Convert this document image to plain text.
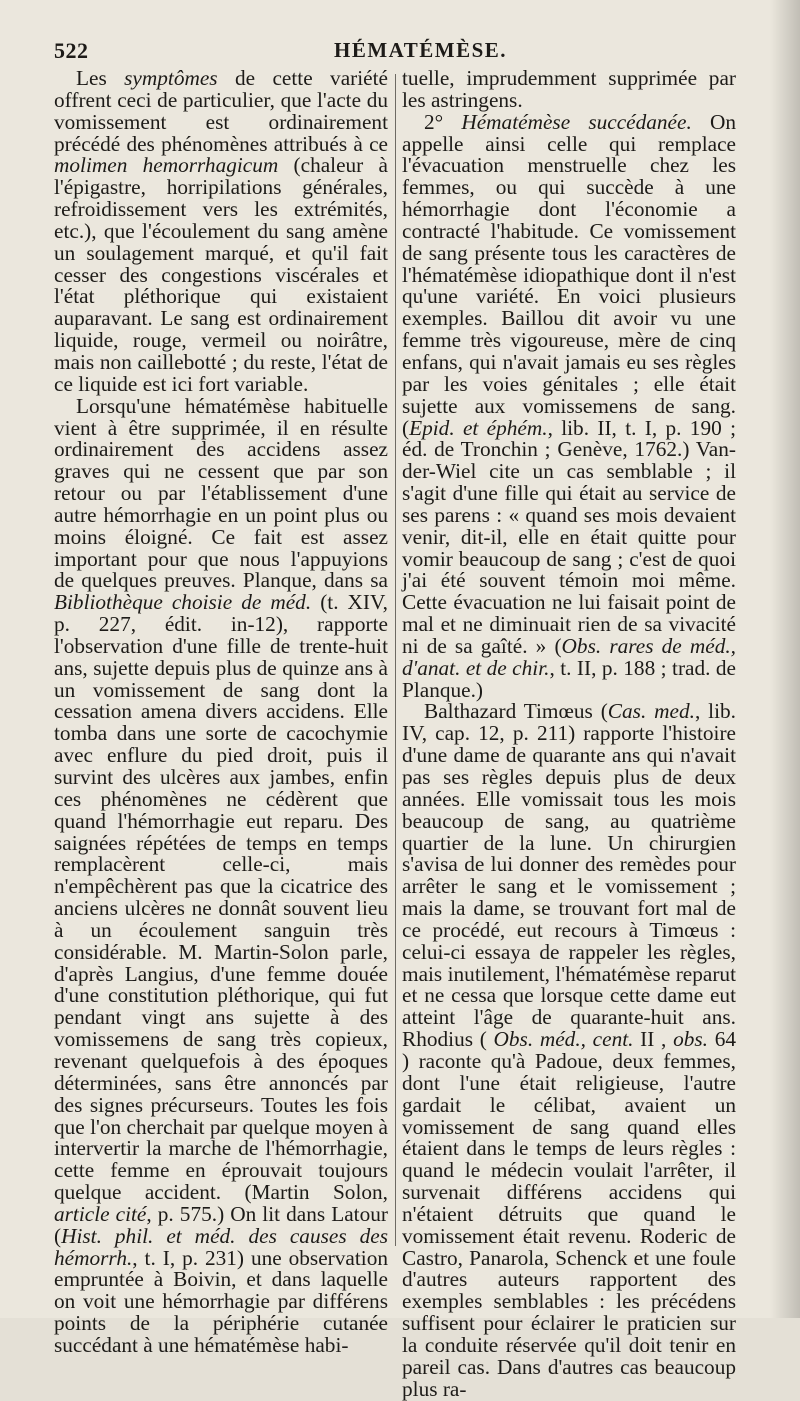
522	HÉMATÉMÈSE.

Les symptômes de cette variété offrent ceci de particulier, que l'acte du vomissement est ordinairement précédé des phénomènes attribués à ce molimen hemorrhagicum (chaleur à l'épigastre, horripilations générales, refroidissement vers les extrémités, etc.), que l'écoulement du sang amène un soulagement marqué, et qu'il fait cesser des congestions viscérales et l'état pléthorique qui existaient auparavant. Le sang est ordinairement liquide, rouge, vermeil ou noirâtre, mais non caillebotté ; du reste, l'état de ce liquide est ici fort variable.

Lorsqu'une hématémèse habituelle vient à être supprimée, il en résulte ordinairement des accidens assez graves qui ne cessent que par son retour ou par l'établissement d'une autre hémorrhagie en un point plus ou moins éloigné. Ce fait est assez important pour que nous l'appuyions de quelques preuves. Planque, dans sa Bibliothèque choisie de méd. (t. XIV, p. 227, édit. in-12), rapporte l'observation d'une fille de trente-huit ans, sujette depuis plus de quinze ans à un vomissement de sang dont la cessation amena divers accidens. Elle tomba dans une sorte de cacochymie avec enflure du pied droit, puis il survint des ulcères aux jambes, enfin ces phénomènes ne cédèrent que quand l'hémorrhagie eut reparu. Des saignées répétées de temps en temps remplacèrent celle-ci, mais n'empêchèrent pas que la cicatrice des anciens ulcères ne donnât souvent lieu à un écoulement sanguin très considérable. M. Martin-Solon parle, d'après Langius, d'une femme douée d'une constitution pléthorique, qui fut pendant vingt ans sujette à des vomissemens de sang très copieux, revenant quelquefois à des époques déterminées, sans être annoncés par des signes précurseurs. Toutes les fois que l'on cherchait par quelque moyen à intervertir la marche de l'hémorrhagie, cette femme en éprouvait toujours quelque accident. (Martin Solon, article cité, p. 575.) On lit dans Latour (Hist. phil. et méd. des causes des hémorrh., t. I, p. 231) une observation empruntée à Boivin, et dans laquelle on voit une hémorrhagie par différens points de la périphérie cutanée succédant à une hématémèse habi-

tuelle, imprudemment supprimée par les astringens.

2° Hématémèse succédanée. On appelle ainsi celle qui remplace l'évacuation menstruelle chez les femmes, ou qui succède à une hémorrhagie dont l'économie a contracté l'habitude. Ce vomissement de sang présente tous les caractères de l'hématémèse idiopathique dont il n'est qu'une variété. En voici plusieurs exemples. Baillou dit avoir vu une femme très vigoureuse, mère de cinq enfans, qui n'avait jamais eu ses règles par les voies génitales ; elle était sujette aux vomissemens de sang. (Epid. et éphém., lib. II, t. I, p. 190 ; éd. de Tronchin ; Genève, 1762.) Van-der-Wiel cite un cas semblable ; il s'agit d'une fille qui était au service de ses parens : « quand ses mois devaient venir, dit-il, elle en était quitte pour vomir beaucoup de sang ; c'est de quoi j'ai été souvent témoin moi même. Cette évacuation ne lui faisait point de mal et ne diminuait rien de sa vivacité ni de sa gaîté. » (Obs. rares de méd., d'anat. et de chir., t. II, p. 188 ; trad. de Planque.)

Balthazard Timœus (Cas. med., lib. IV, cap. 12, p. 211) rapporte l'histoire d'une dame de quarante ans qui n'avait pas ses règles depuis plus de deux années. Elle vomissait tous les mois beaucoup de sang, au quatrième quartier de la lune. Un chirurgien s'avisa de lui donner des remèdes pour arrêter le sang et le vomissement ; mais la dame, se trouvant fort mal de ce procédé, eut recours à Timœus : celui-ci essaya de rappeler les règles, mais inutilement, l'hématémèse reparut et ne cessa que lorsque cette dame eut atteint l'âge de quarante-huit ans. Rhodius ( Obs. méd., cent. II , obs. 64 ) raconte qu'à Padoue, deux femmes, dont l'une était religieuse, l'autre gardait le célibat, avaient un vomissement de sang quand elles étaient dans le temps de leurs règles : quand le médecin voulait l'arrêter, il survenait différens accidens qui n'étaient détruits que quand le vomissement était revenu. Roderic de Castro, Panarola, Schenck et une foule d'autres auteurs rapportent des exemples semblables : les précédens suffisent pour éclairer le praticien sur la conduite réservée qu'il doit tenir en pareil cas. Dans d'autres cas beaucoup plus ra-
